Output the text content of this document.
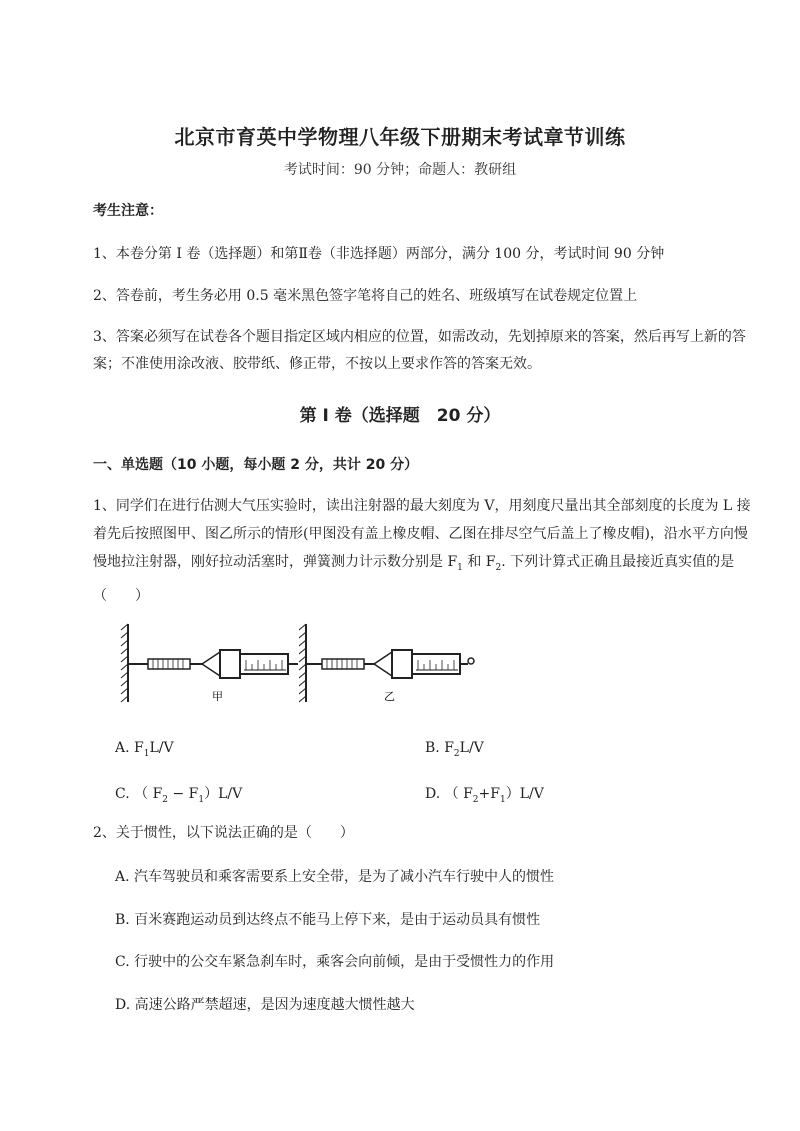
北京市育英中学物理八年级下册期末考试章节训练
考试时间：90 分钟；命题人：教研组
考生注意：
1、本卷分第 I 卷（选择题）和第Ⅱ卷（非选择题）两部分，满分 100 分，考试时间 90 分钟
2、答卷前，考生务必用 0.5 毫米黑色签字笔将自己的姓名、班级填写在试卷规定位置上
3、答案必须写在试卷各个题目指定区域内相应的位置，如需改动，先划掉原来的答案，然后再写上新的答案；不准使用涂改液、胶带纸、修正带，不按以上要求作答的答案无效。
第 I 卷（选择题　20 分）
一、单选题（10 小题，每小题 2 分，共计 20 分）
1、同学们在进行估测大气压实验时，读出注射器的最大刻度为 V，用刻度尺量出其全部刻度的长度为 L 接着先后按照图甲、图乙所示的情形(甲图没有盖上橡皮帽、乙图在排尽空气后盖上了橡皮帽)，沿水平方向慢慢地拉注射器，刚好拉动活塞时，弹簧测力计示数分别是 $F_1$ 和 $F_2$. 下列计算式正确且最接近真实值的是（　　）
甲	乙
A. $F_1L/V$	B. $F_2L/V$
C. （ $F_2 - F_1)L/V$	D. （ $F_2+F_1)L/V$
2、关于惯性，以下说法正确的是（　　）
A. 汽车驾驶员和乘客需要系上安全带，是为了减小汽车行驶中人的惯性
B. 百米赛跑运动员到达终点不能马上停下来，是由于运动员具有惯性
C. 行驶中的公交车紧急刹车时，乘客会向前倾，是由于受惯性力的作用
D. 高速公路严禁超速，是因为速度越大惯性越大
